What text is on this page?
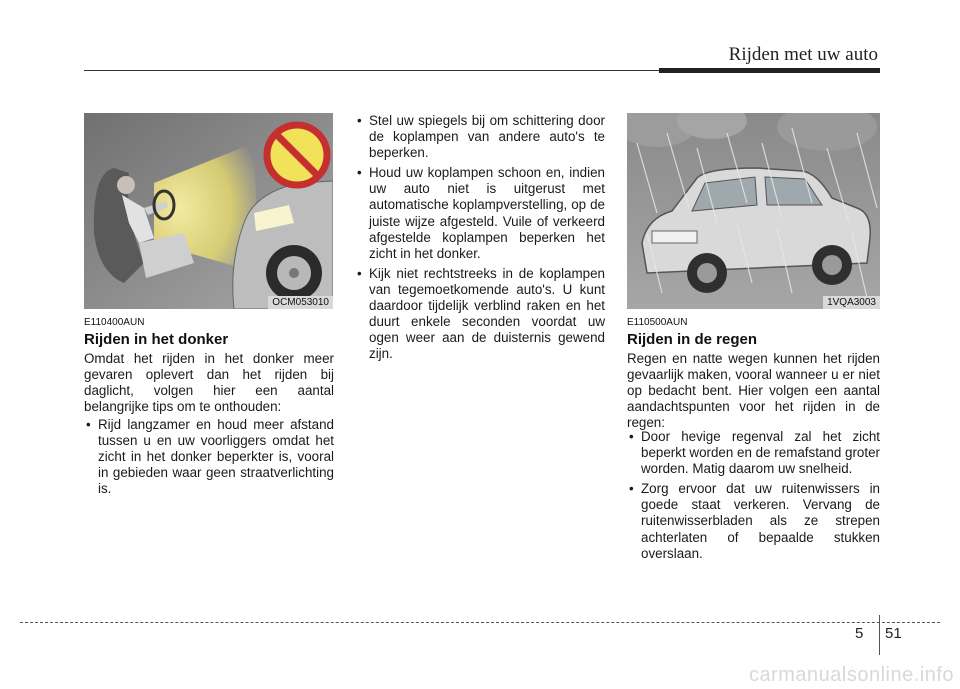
Rijden met uw auto
OCM053010
E110400AUN
Rijden in het donker

Omdat het rijden in het donker meer gevaren oplevert dan het rijden bij daglicht, volgen hier een aantal belangrijke tips om te onthouden:

• Rijd langzamer en houd meer afstand tussen u en uw voorliggers omdat het zicht in het donker beperkter is, vooral in gebieden waar geen straatverlichting is.
• Stel uw spiegels bij om schittering door de koplampen van andere auto's te beperken.
• Houd uw koplampen schoon en, indien uw auto niet is uitgerust met automatische koplampverstelling, op de juiste wijze afgesteld. Vuile of verkeerd afgestelde koplampen beperken het zicht in het donker.
• Kijk niet rechtstreeks in de koplampen van tegemoetkomende auto's. U kunt daardoor tijdelijk verblind raken en het duurt enkele seconden voordat uw ogen weer aan de duisternis gewend zijn.
1VQA3003
E110500AUN
Rijden in de regen

Regen en natte wegen kunnen het rijden gevaarlijk maken, vooral wanneer u er niet op bedacht bent. Hier volgen een aantal aandachtspunten voor het rijden in de regen:

• Door hevige regenval zal het zicht beperkt worden en de remafstand groter worden. Matig daarom uw snelheid.
• Zorg ervoor dat uw ruitenwissers in goede staat verkeren. Vervang de ruitenwisserbladen als ze strepen achterlaten of bepaalde stukken overslaan.
5 51
carmanualsonline.info
